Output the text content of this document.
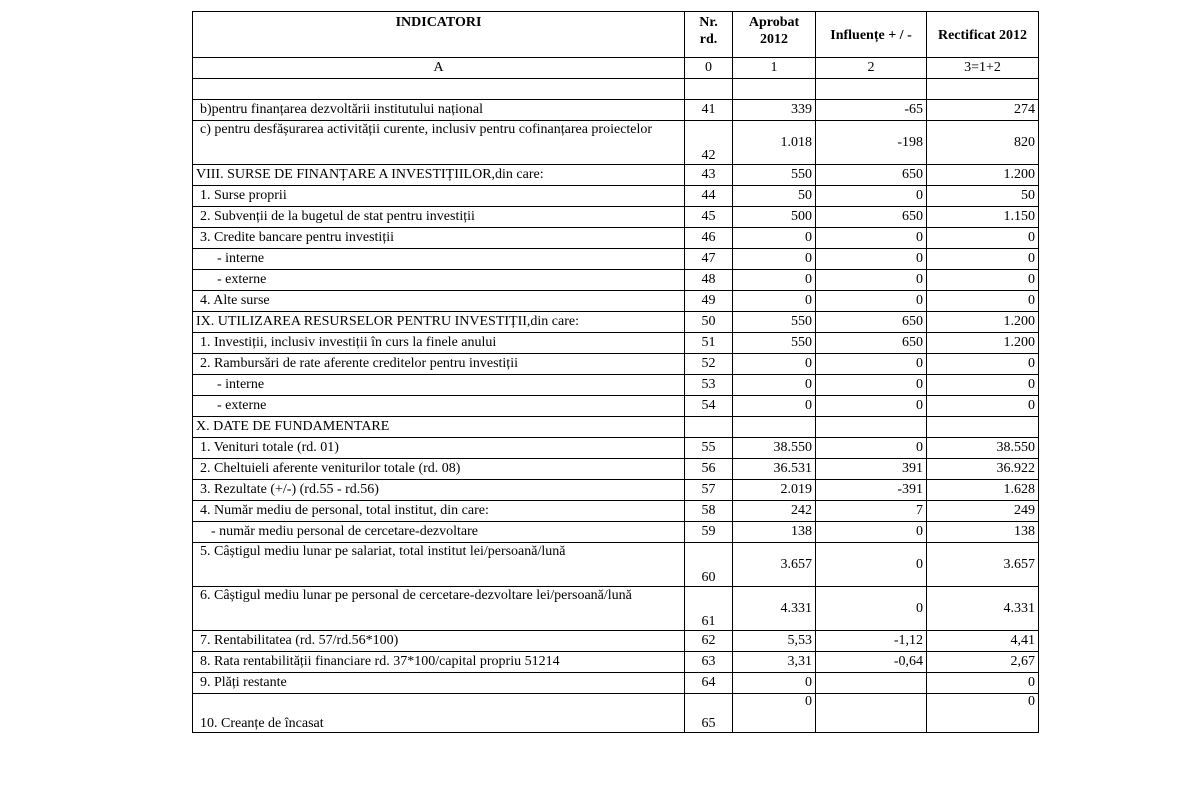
INDICATORI	Nr. rd.	Aprobat 2012	Influențe + / -	Rectificat 2012
A	0	1	2	3=1+2

b)pentru finanțarea dezvoltării institutului național	41	339	-65	274
c) pentru desfășurarea activității curente, inclusiv pentru cofinanțarea proiectelor	42	1.018	-198	820
VIII. SURSE DE FINANȚARE A INVESTIȚIILOR,din care:	43	550	650	1.200
1. Surse proprii	44	50	0	50
2. Subvenții de la bugetul de stat pentru investiții	45	500	650	1.150
3. Credite bancare pentru investiții	46	0	0	0
- interne	47	0	0	0
- externe	48	0	0	0
4. Alte surse	49	0	0	0
IX. UTILIZAREA RESURSELOR PENTRU INVESTIȚII,din care:	50	550	650	1.200
1. Investiții, inclusiv investiții în curs la finele anului	51	550	650	1.200
2. Rambursări de rate aferente creditelor pentru investiții	52	0	0	0
- interne	53	0	0	0
- externe	54	0	0	0
X. DATE DE FUNDAMENTARE				
1. Venituri totale (rd. 01)	55	38.550	0	38.550
2. Cheltuieli aferente veniturilor totale (rd. 08)	56	36.531	391	36.922
3. Rezultate (+/-) (rd.55 - rd.56)	57	2.019	-391	1.628
4. Număr mediu de personal, total institut, din care:	58	242	7	249
- număr mediu personal de cercetare-dezvoltare	59	138	0	138
5. Câștigul mediu lunar pe salariat, total institut lei/persoană/lună	60	3.657	0	3.657
6. Câștigul mediu lunar pe personal de cercetare-dezvoltare lei/persoană/lună	61	4.331	0	4.331
7. Rentabilitatea (rd. 57/rd.56*100)	62	5,53	-1,12	4,41
8. Rata rentabilității financiare rd. 37*100/capital propriu 51214	63	3,31	-0,64	2,67
9. Plăți restante	64	0		0
10. Creanțe de încasat	65	0		0
